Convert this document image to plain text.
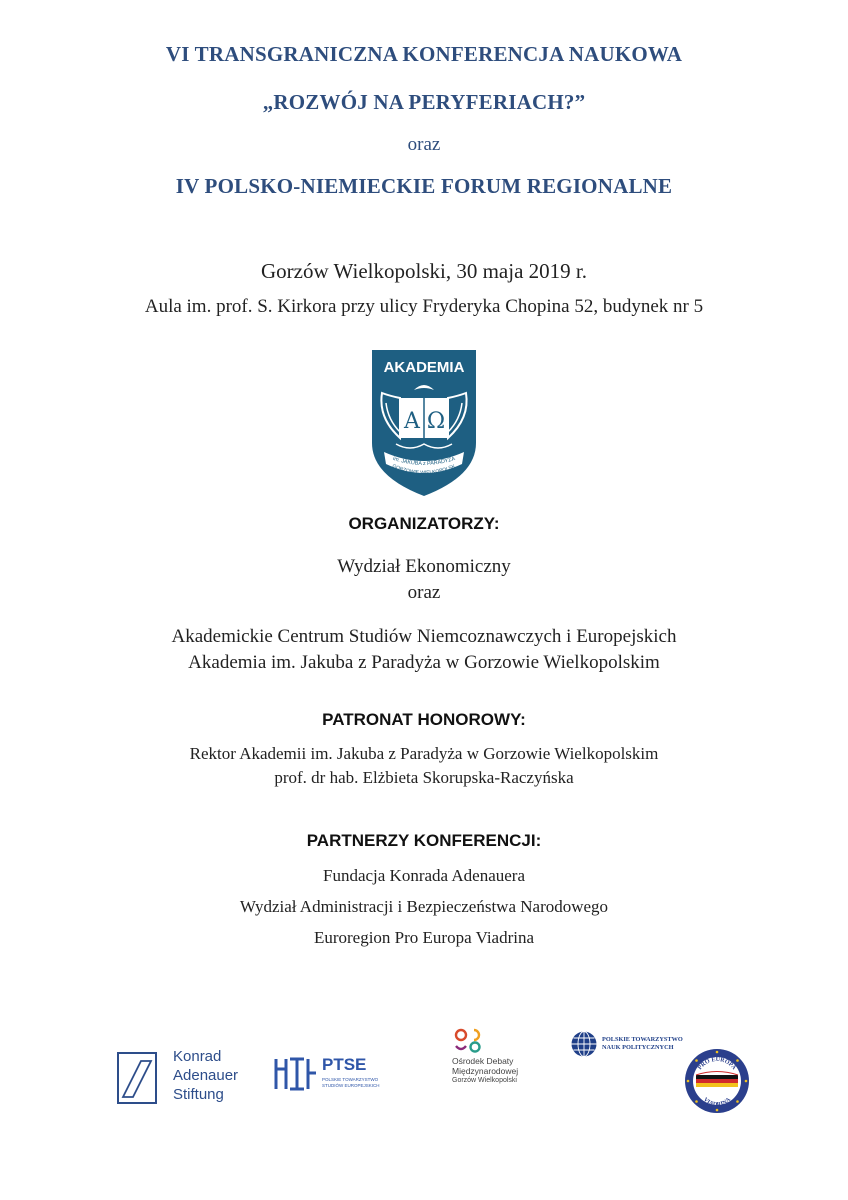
VI TRANSGRANICZNA KONFERENCJA NAUKOWA
„ROZWÓJ NA PERYFERIACH?”
oraz
IV POLSKO-NIEMIECKIE FORUM REGIONALNE
Gorzów Wielkopolski, 30 maja 2019 r.
Aula im. prof. S. Kirkora przy ulicy Fryderyka Chopina 52, budynek nr 5
AKADEMIA
Α Ω
im. JAKUBA z PARADYŻA
GORZOWIE WIELKOPOLSK
ORGANIZATORZY:
Wydział Ekonomiczny
oraz
Akademickie Centrum Studiów Niemcoznawczych i Europejskich
Akademia im. Jakuba z Paradyża w Gorzowie Wielkopolskim
PATRONAT HONOROWY:
Rektor Akademii im. Jakuba z Paradyża w Gorzowie Wielkopolskim
prof. dr hab. Elżbieta Skorupska-Raczyńska
PARTNERZY KONFERENCJI:
Fundacja Konrada Adenauera
Wydział Administracji i Bezpieczeństwa Narodowego
Euroregion Pro Europa Viadrina
Konrad
Adenauer
Stiftung
PTSE
POLSKIE TOWARZYSTWO
STUDIÓW EUROPEJSKICH
Ośrodek Debaty
Międzynarodowej
Gorzów Wielkopolski
POLSKIE TOWARZYSTWO
NAUK POLITYCZNYCH
PRO EUROPA
VIADRINA
